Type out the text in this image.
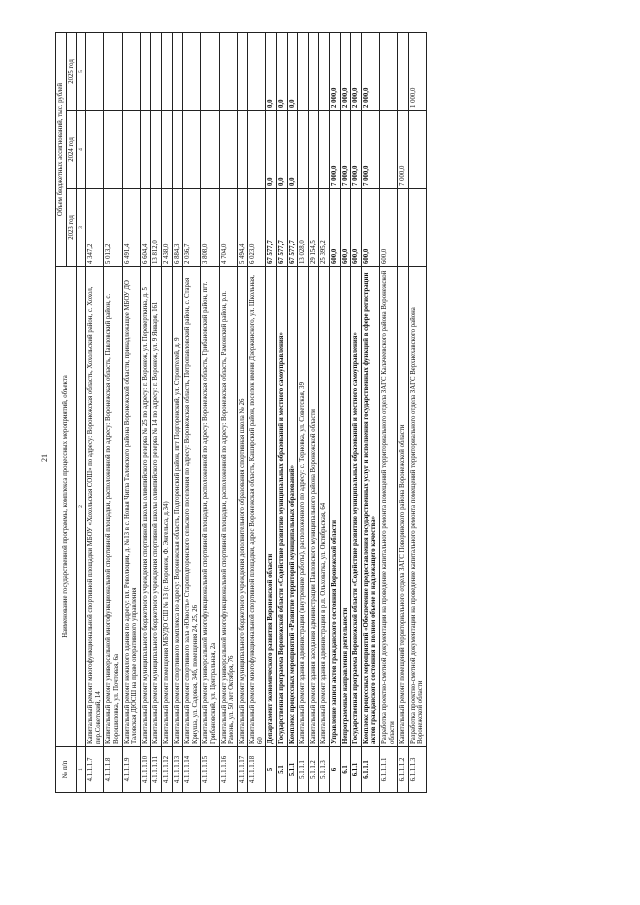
21
№ п/п	Наименование государственной программы, комплекса процессных мероприятий, объекта	Объем бюджетных ассигнований, тыс. рублей		
		2023 год	2024 год	2025 год
1	2	3	4	5
4.1.1.1.7	Капитальный ремонт многофункциональной спортивной площадки МБОУ «Хохольская СОШ» по адресу: Воронежская область, Хохольский район, с. Хохол, пер.Советский, 14	4 347,2		
4.1.1.1.8	Капитальный ремонт универсальной многофункциональной спортивной площадки, расположенной по адресу: Воронежская область, Павловский район, с. Ворошиловка, ул. Почтовая, 6а	5 013,2		
4.1.1.1.9	Капитальный ремонт нежилого здания по адресу: пл. Революции, д. №13 в с. Новая Чигла Таловского района Воронежской области, принадлежащее МБОУ ДО Таловская ДЮСШ на праве оперативного управления	6 491,4		
4.1.1.1.10	Капитальный ремонт муниципального бюджетного учреждения спортивной школы олимпийского резерва № 25 по адресу: г. Воронеж, ул. Переверткина, д. 5	6 604,4		
4.1.1.1.11	Капитальный ремонт муниципального бюджетного учреждения спортивной школы олимпийского резерва № 14 по адресу: г. Воронеж, ул. 9 Января, 161	13 812,0		
4.1.1.1.12	Капитальный ремонт помещения МБУДО СШ № 13 (г. Воронеж, Ф. Энгельса, д.34)	2 438,0		
4.1.1.1.13	Капитальный ремонт спортивного комплекса по адресу: Воронежская область, Подгоренский район, пгт Подгоренский, ул. Строителей, д. 9	6 884,3		
4.1.1.1.14	Капитальный ремонт спортивного зала «Юность» Староподгоренского сельского поселения по адресу: Воронежская область, Петропавловский район, с. Старая Криуша, ул. Садовая, 34б, помещения 24, 25, 26	2 036,7		
4.1.1.1.15	Капитальный ремонт универсальной многофункциональной спортивной площадки, расположенной по адресу: Воронежская область, Грибановский район, пгт. Грибановский, ул. Центральная, 2а	3 808,0		
4.1.1.1.16	Капитальный ремонт универсальной многофункциональной спортивной площадки, расположенной по адресу: Воронежская область, Рамонский район, р.п. Рамонь, ул. 50 лет Октября, 76	4 704,0		
4.1.1.1.17	Капитальный ремонт муниципального бюджетного учреждения дополнительного образования спортивная школа № 26	5 494,4		
4.1.1.1.18	Капитальный ремонт многофункциональной спортивной площадки, адрес Воронежская область, Каширский район, поселок имени Дзержинского, ул. Школьная, 60	6 023,0		
5	Департамент экономического развития Воронежской области	67 577,7	0,0	0,0
5.1	Государственная программа Воронежской области «Содействие развитию муниципальных образований и местного самоуправления»	67 577,7	0,0	0,0
5.1.1	Комплекс процессных мероприятий «Развитие территорий муниципальных образований»	67 577,7	0,0	0,0
5.1.1.1	Капитальный ремонт здания администрации (внутренние работы), расположенного по адресу: с. Терновка, ул. Советская, 39	13 028,0		
5.1.1.2	Капитальный ремонт здания заседания администрации Павловского муниципального района Воронежской области	29 154,5		
5.1.1.3	Капитальный ремонт здания администрации в р.п. Ольховатка, ул. Октябрьская, 64	25 395,2		
6	Управление записи актов гражданского состояния Воронежской области	600,0	7 000,0	2 000,0
6.1	Непрограммные направления деятельности	600,0	7 000,0	2 000,0
6.1.1	Государственная программа Воронежской области «Содействие развитию муниципальных образований и местного самоуправления»	600,0	7 000,0	2 000,0
6.1.1.1	Комплекс процессных мероприятий «Обеспечение предоставления государственных услуг и исполнения государственных функций в сфере регистрации актов гражданского состояния в полном объеме и надлежащего качества»	600,0	7 000,0	2 000,0
6.1.1.1.1	Разработка проектно-сметной документации на проведение капитального ремонта помещений территориального отдела ЗАГС Калачеевского района Воронежской области	600,0		
6.1.1.1.2	Капитальный ремонт помещений территориального отдела ЗАГС Поворинского района Воронежской области		7 000,0	
6.1.1.1.3	Разработка проектно-сметной документации на проведение капитального ремонта помещений территориального отдела ЗАГС Верхнехавского района Воронежской области			1 000,0
